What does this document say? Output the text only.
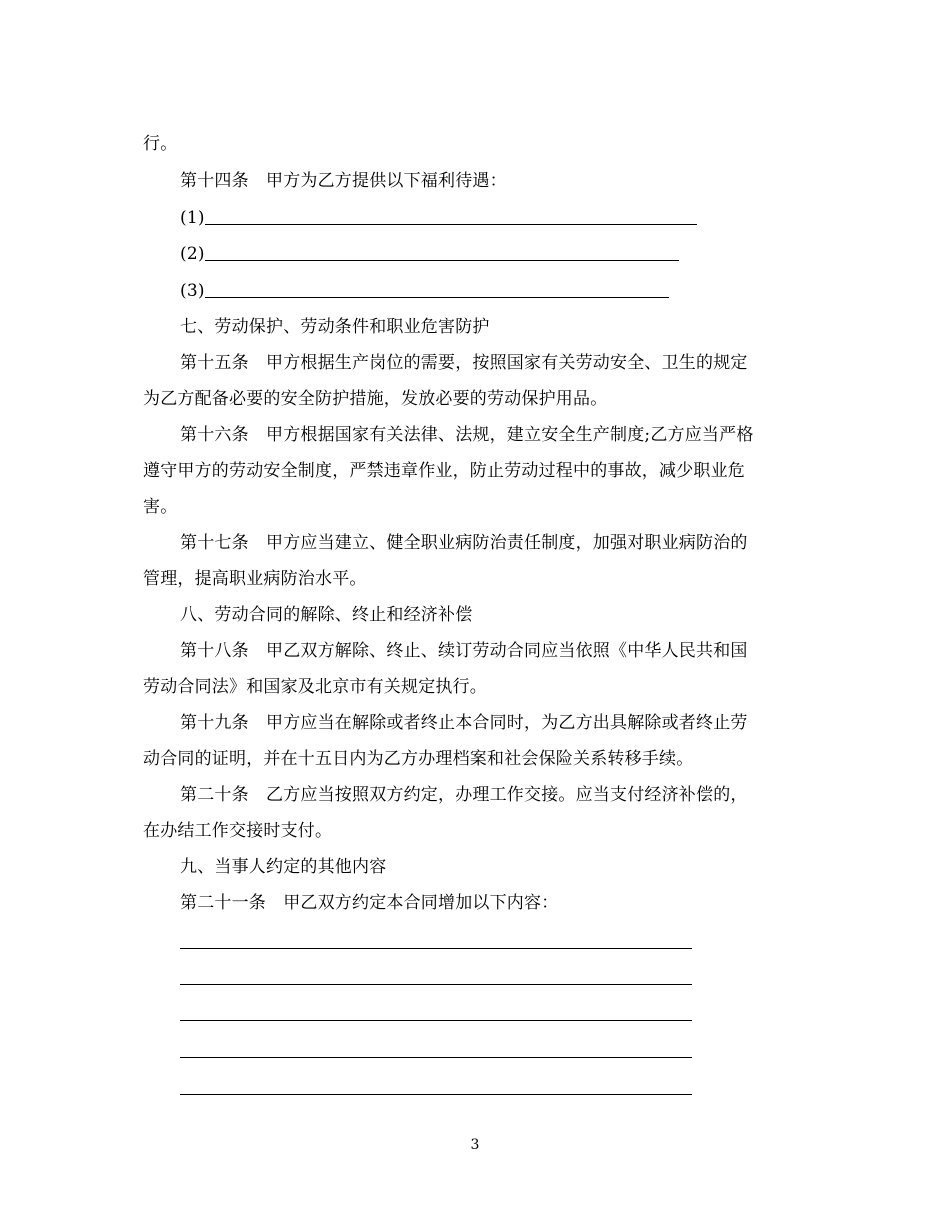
行。
第十四条　甲方为乙方提供以下福利待遇：
(1)
(2)
(3)
七、劳动保护、劳动条件和职业危害防护
第十五条　甲方根据生产岗位的需要，按照国家有关劳动安全、卫生的规定
为乙方配备必要的安全防护措施，发放必要的劳动保护用品。
第十六条　甲方根据国家有关法律、法规，建立安全生产制度;乙方应当严格
遵守甲方的劳动安全制度，严禁违章作业，防止劳动过程中的事故，减少职业危
害。
第十七条　甲方应当建立、健全职业病防治责任制度，加强对职业病防治的
管理，提高职业病防治水平。
八、劳动合同的解除、终止和经济补偿
第十八条　甲乙双方解除、终止、续订劳动合同应当依照《中华人民共和国
劳动合同法》和国家及北京市有关规定执行。
第十九条　甲方应当在解除或者终止本合同时，为乙方出具解除或者终止劳
动合同的证明，并在十五日内为乙方办理档案和社会保险关系转移手续。
第二十条　乙方应当按照双方约定，办理工作交接。应当支付经济补偿的，
在办结工作交接时支付。
九、当事人约定的其他内容
第二十一条　甲乙双方约定本合同增加以下内容：
3
